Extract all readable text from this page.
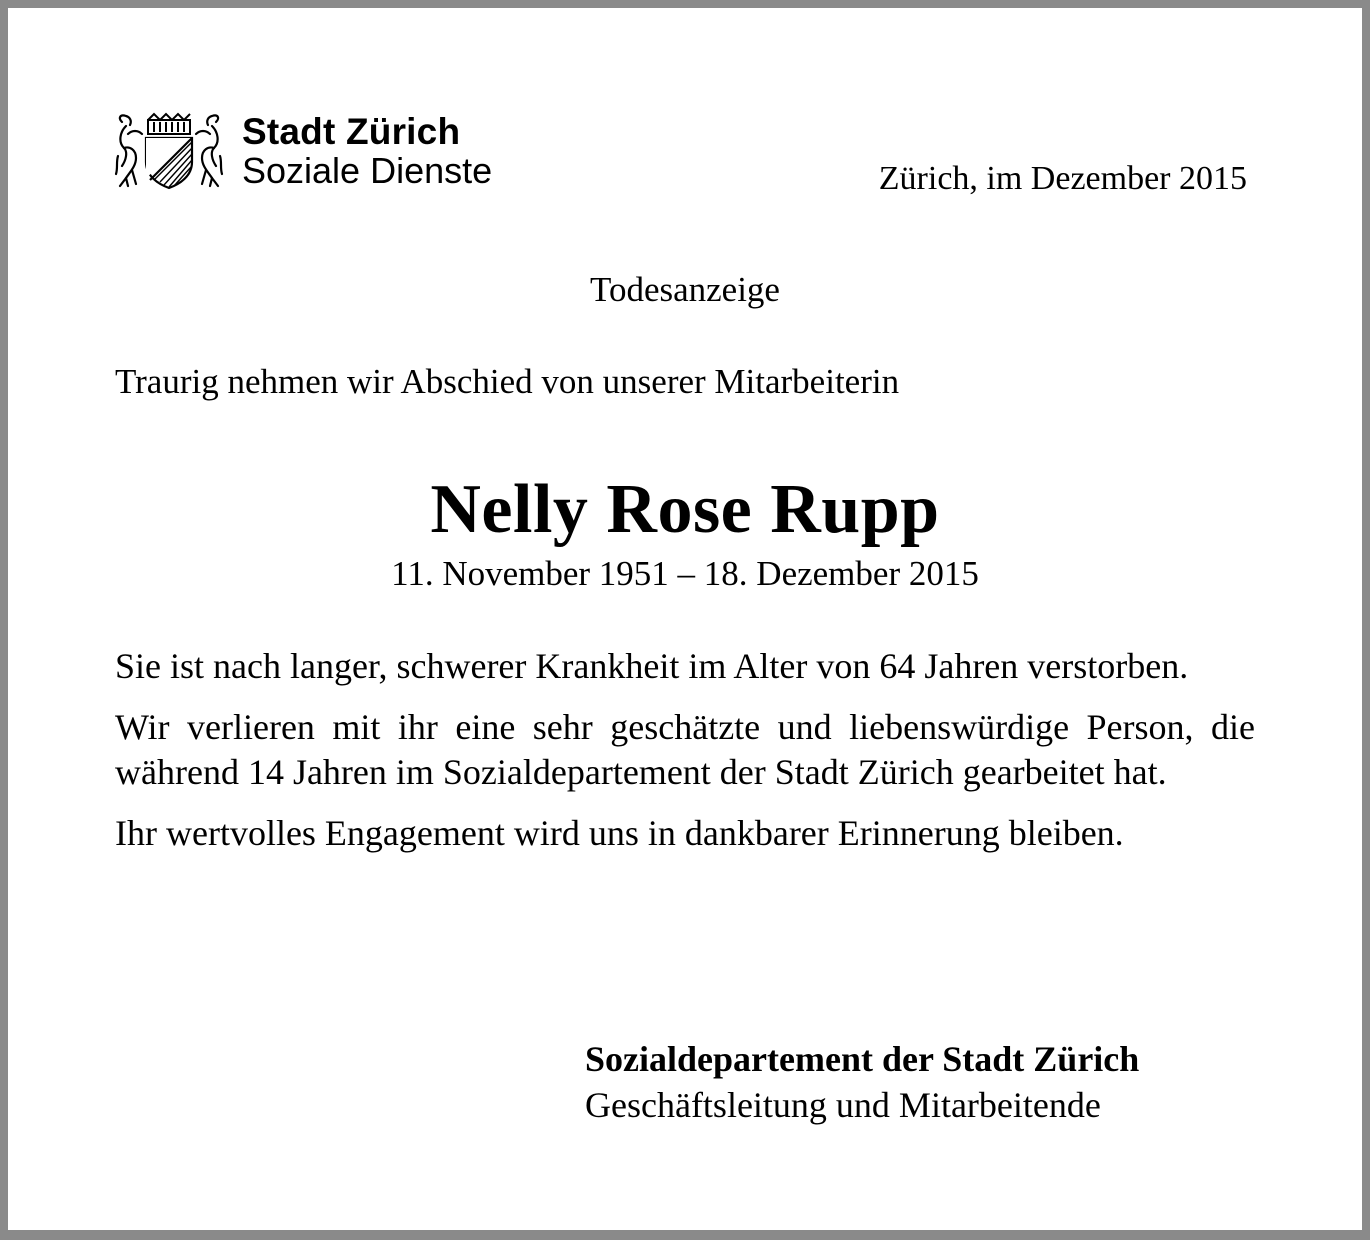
Stadt Zürich
Soziale Dienste	Zürich, im Dezember 2015
Todesanzeige
Traurig nehmen wir Abschied von unserer Mitarbeiterin
Nelly Rose Rupp
11. November 1951 – 18. Dezember 2015

Sie ist nach langer, schwerer Krankheit im Alter von 64 Jahren verstorben.

Wir verlieren mit ihr eine sehr geschätzte und liebenswürdige Person, die während 14 Jahren im Sozialdepartement der Stadt Zürich gearbeitet hat.

Ihr wertvolles Engagement wird uns in dankbarer Erinnerung bleiben.

Sozialdepartement der Stadt Zürich
Geschäftsleitung und Mitarbeitende
